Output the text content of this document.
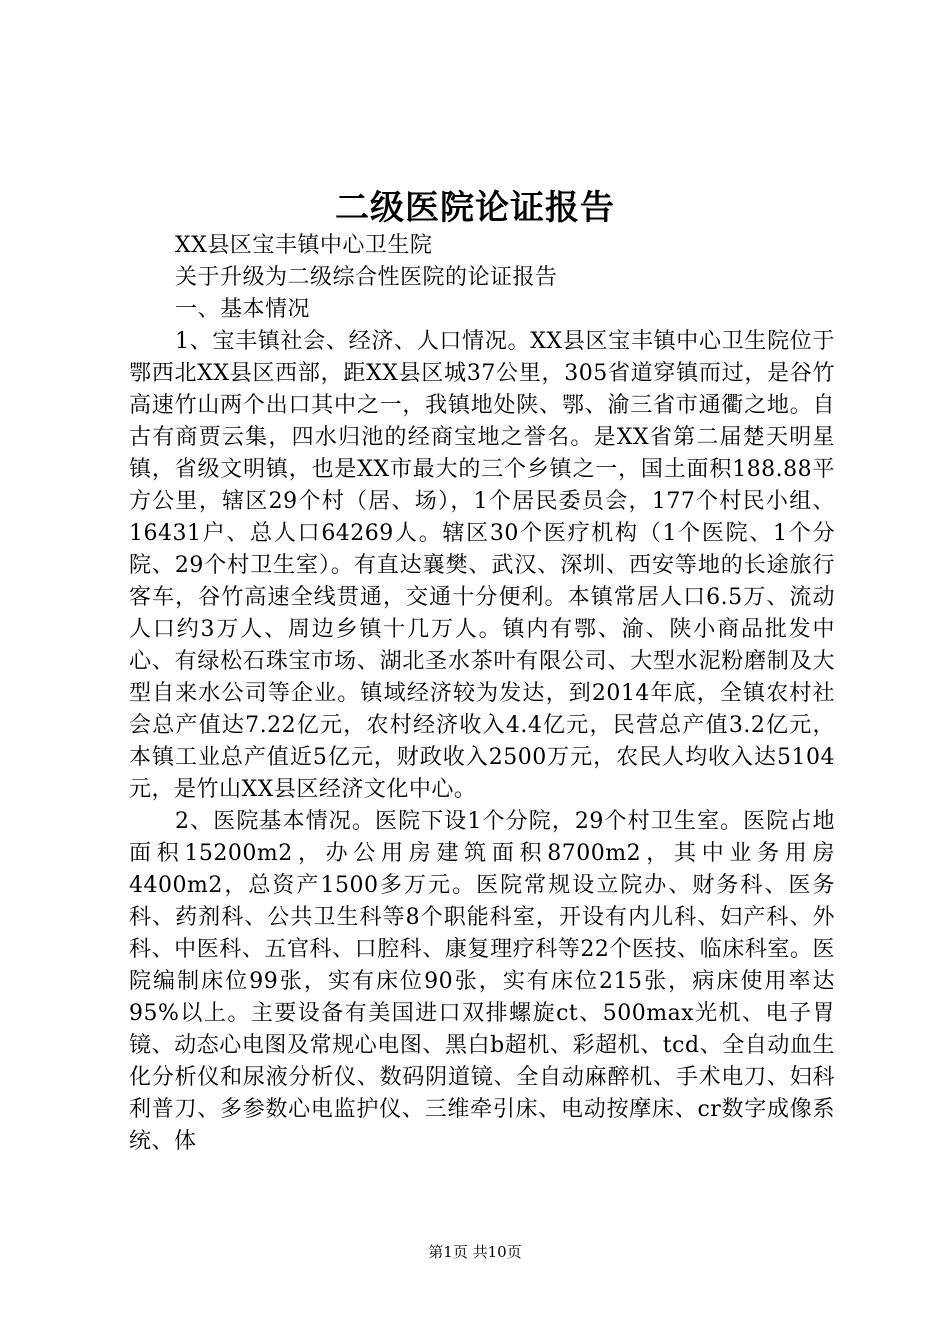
二级医院论证报告

XX县区宝丰镇中心卫生院

关于升级为二级综合性医院的论证报告

一、基本情况

1、宝丰镇社会、经济、人口情况。XX县区宝丰镇中心卫生院位于鄂西北XX县区西部，距XX县区城37公里，305省道穿镇而过，是谷竹高速竹山两个出口其中之一，我镇地处陕、鄂、渝三省市通衢之地。自古有商贾云集，四水归池的经商宝地之誉名。是XX省第二届楚天明星镇，省级文明镇，也是XX市最大的三个乡镇之一，国土面积188.88平方公里，辖区29个村（居、场），1个居民委员会，177个村民小组、16431户、总人口64269人。辖区30个医疗机构（1个医院、1个分院、29个村卫生室）。有直达襄樊、武汉、深圳、西安等地的长途旅行客车，谷竹高速全线贯通，交通十分便利。本镇常居人口6.5万、流动人口约3万人、周边乡镇十几万人。镇内有鄂、渝、陕小商品批发中心、有绿松石珠宝市场、湖北圣水茶叶有限公司、大型水泥粉磨制及大型自来水公司等企业。镇域经济较为发达，到2014年底，全镇农村社会总产值达7.22亿元，农村经济收入4.4亿元，民营总产值3.2亿元，本镇工业总产值近5亿元，财政收入2500万元，农民人均收入达5104元，是竹山XX县区经济文化中心。

2、医院基本情况。医院下设1个分院，29个村卫生室。医院占地面积15200m2，办公用房建筑面积8700m2，其中业务用房4400m2，总资产1500多万元。医院常规设立院办、财务科、医务科、药剂科、公共卫生科等8个职能科室，开设有内儿科、妇产科、外科、中医科、五官科、口腔科、康复理疗科等22个医技、临床科室。医院编制床位99张，实有床位90张，实有床位215张，病床使用率达95%以上。主要设备有美国进口双排螺旋ct、500max光机、电子胃镜、动态心电图及常规心电图、黑白b超机、彩超机、tcd、全自动血生化分析仪和尿液分析仪、数码阴道镜、全自动麻醉机、手术电刀、妇科利普刀、多参数心电监护仪、三维牵引床、电动按摩床、cr数字成像系统、体

第1页 共10页
